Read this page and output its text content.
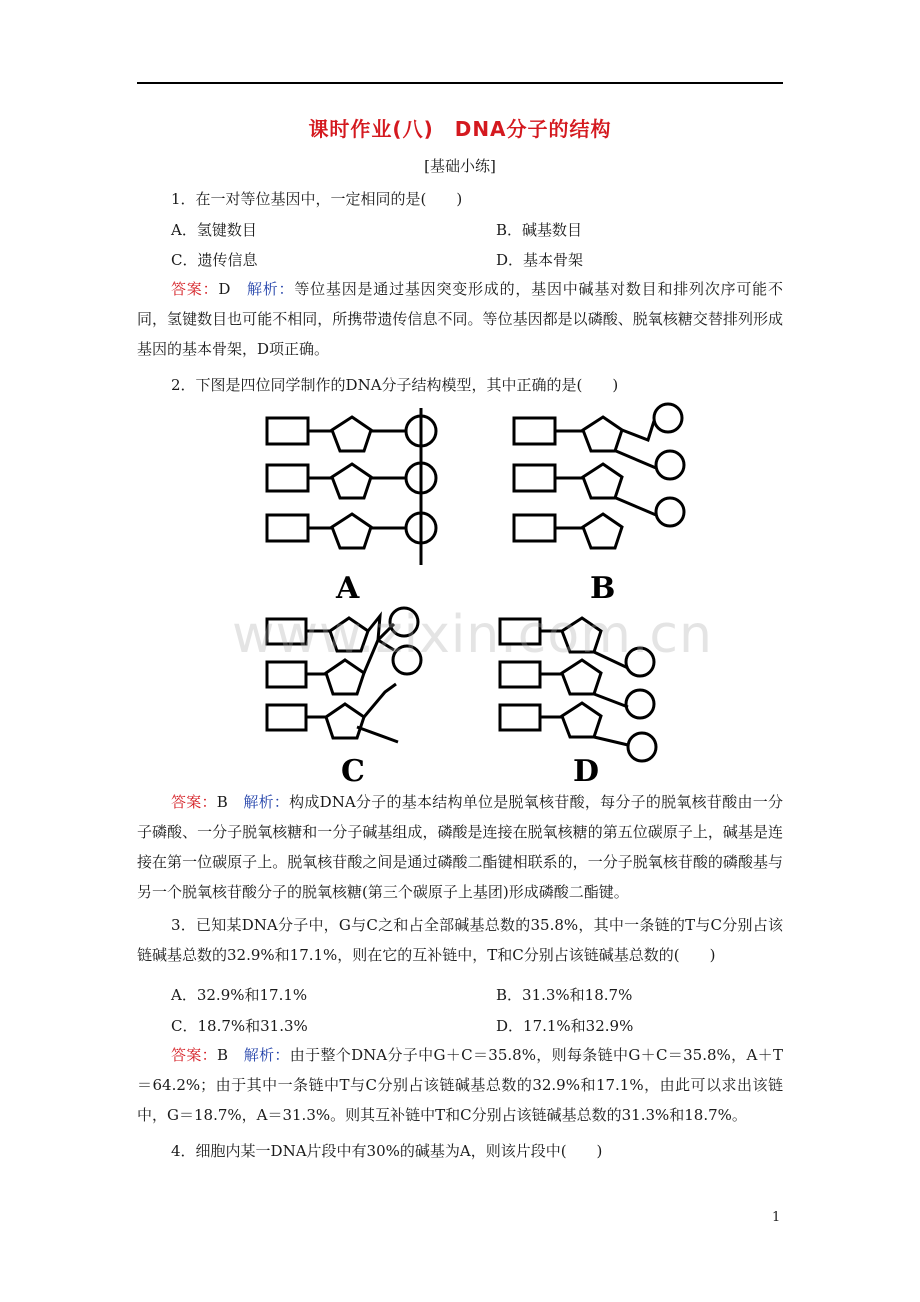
课时作业(八)　DNA分子的结构
[基础小练]
1．在一对等位基因中，一定相同的是(　　)
A．氢键数目	B．碱基数目
C．遗传信息	D．基本骨架
答案：D　 解析：等位基因是通过基因突变形成的，基因中碱基对数目和排列次序可能不同，氢键数目也可能不相同，所携带遗传信息不同。等位基因都是以磷酸、脱氧核糖交替排列形成基因的基本骨架，D项正确。
2．下图是四位同学制作的DNA分子结构模型，其中正确的是(　　)
A	B
C	D
www.zixin.com.cn
答案：B　 解析：构成DNA分子的基本结构单位是脱氧核苷酸，每分子的脱氧核苷酸由一分子磷酸、一分子脱氧核糖和一分子碱基组成，磷酸是连接在脱氧核糖的第五位碳原子上，碱基是连接在第一位碳原子上。脱氧核苷酸之间是通过磷酸二酯键相联系的，一分子脱氧核苷酸的磷酸基与另一个脱氧核苷酸分子的脱氧核糖(第三个碳原子上基团)形成磷酸二酯键。
3．已知某DNA分子中，G与C之和占全部碱基总数的35.8%，其中一条链的T与C分别占该链碱基总数的32.9%和17.1%，则在它的互补链中，T和C分别占该链碱基总数的(　　)
A．32.9%和17.1%	B．31.3%和18.7%
C．18.7%和31.3%	D．17.1%和32.9%
答案：B　 解析：由于整个DNA分子中G＋C＝35.8%，则每条链中G＋C＝35.8%，A＋T＝64.2%；由于其中一条链中T与C分别占该链碱基总数的32.9%和17.1%，由此可以求出该链中，G＝18.7%，A＝31.3%。则其互补链中T和C分别占该链碱基总数的31.3%和18.7%。
4．细胞内某一DNA片段中有30%的碱基为A，则该片段中(　　)
1
